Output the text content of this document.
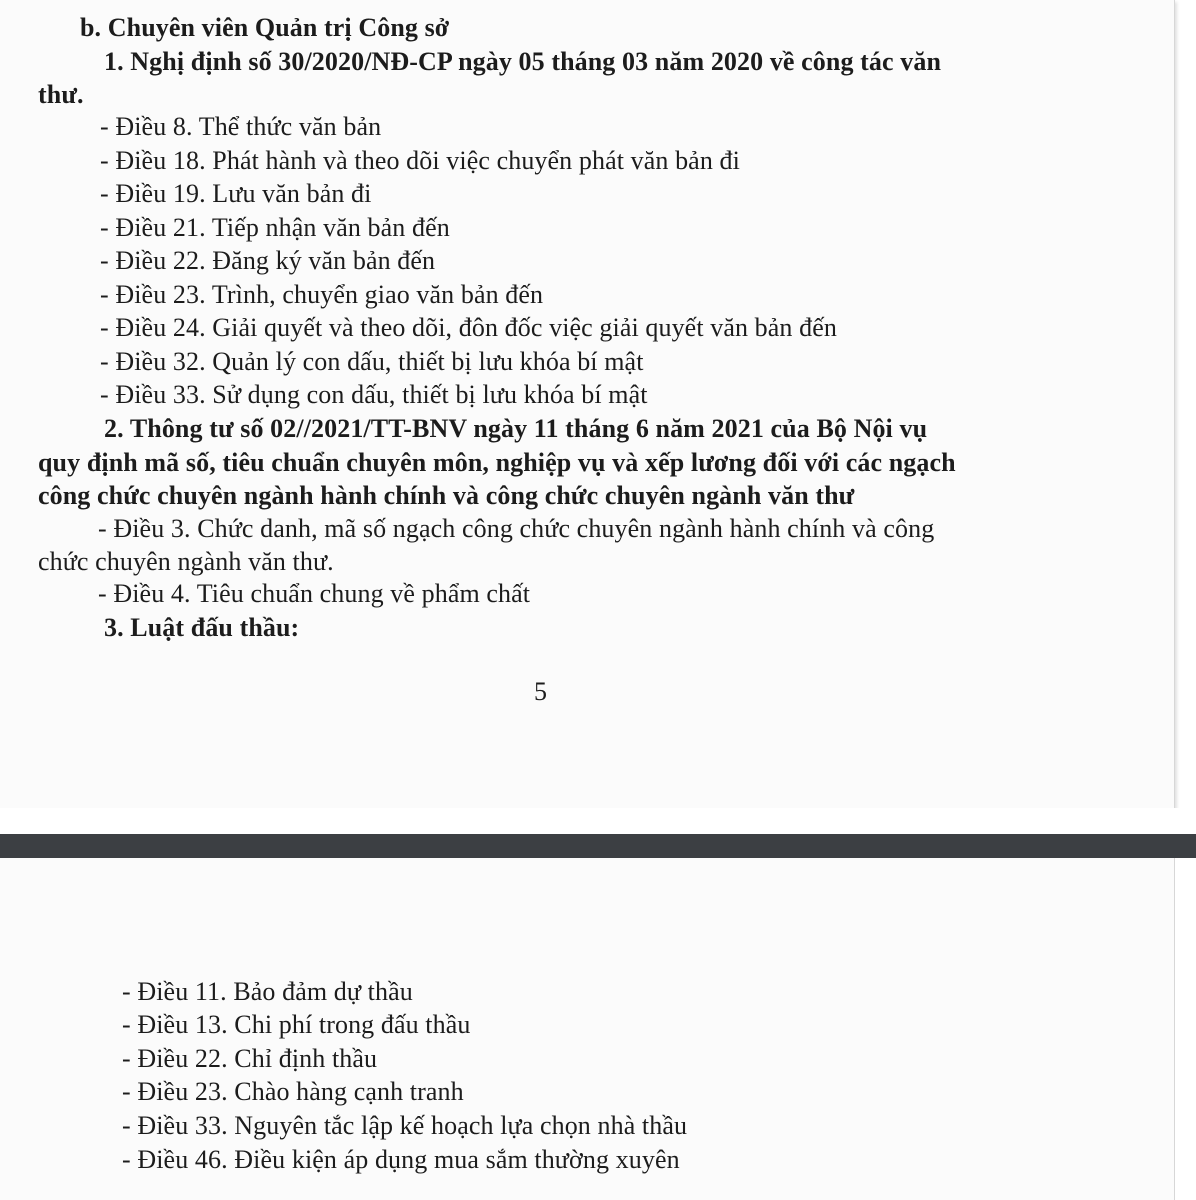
b. Chuyên viên Quản trị Công sở
1. Nghị định số 30/2020/NĐ-CP ngày 05 tháng 03 năm 2020 về công tác văn
thư.
- Điều 8. Thể thức văn bản
- Điều 18. Phát hành và theo dõi việc chuyển phát văn bản đi
- Điều 19. Lưu văn bản đi
- Điều 21. Tiếp nhận văn bản đến
- Điều 22. Đăng ký văn bản đến
- Điều 23. Trình, chuyển giao văn bản đến
- Điều 24. Giải quyết và theo dõi, đôn đốc việc giải quyết văn bản đến
- Điều 32. Quản lý con dấu, thiết bị lưu khóa bí mật
- Điều 33. Sử dụng con dấu, thiết bị lưu khóa bí mật
2. Thông tư số 02//2021/TT-BNV ngày 11 tháng 6 năm 2021 của Bộ Nội vụ
quy định mã số, tiêu chuẩn chuyên môn, nghiệp vụ và xếp lương đối với các ngạch
công chức chuyên ngành hành chính và công chức chuyên ngành văn thư
- Điều 3. Chức danh, mã số ngạch công chức chuyên ngành hành chính và công
chức chuyên ngành văn thư.
- Điều 4. Tiêu chuẩn chung về phẩm chất
3. Luật đấu thầu:
5
- Điều 11. Bảo đảm dự thầu
- Điều 13. Chi phí trong đấu thầu
- Điều 22. Chỉ định thầu
- Điều 23. Chào hàng cạnh tranh
- Điều 33. Nguyên tắc lập kế hoạch lựa chọn nhà thầu
- Điều 46. Điều kiện áp dụng mua sắm thường xuyên
